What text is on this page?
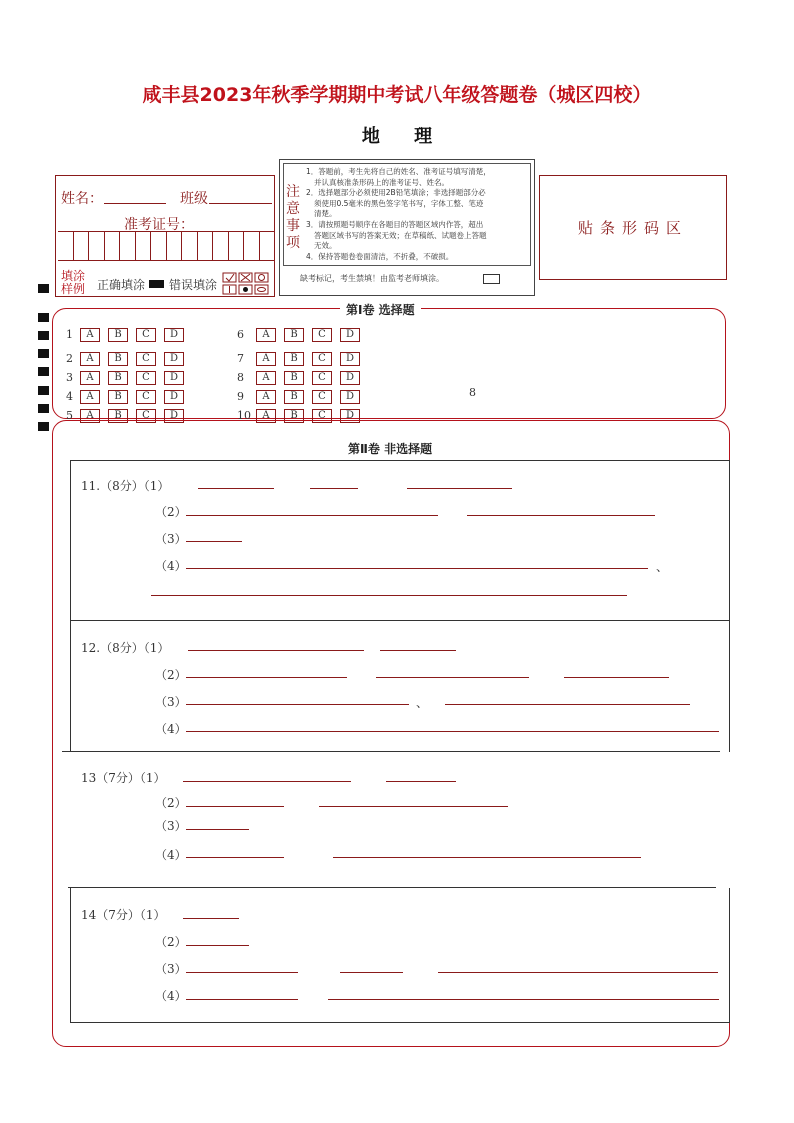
咸丰县2023年秋季学期期中考试八年级答题卷（城区四校）
地 理
姓名：	班级
准考证号：
填涂
样例 正确填涂 错误填涂
注
意
事
项
1．答题前，考生先将自己的姓名、准考证号填写清楚，
并认真核准条形码上的准考证号、姓名。
2．选择题部分必须使用2B铅笔填涂；非选择题部分必
须使用0.5毫米的黑色签字笔书写，字体工整、笔迹
清楚。
3．请按照题号顺序在各题目的答题区域内作答，超出
答题区域书写的答案无效；在草稿纸、试题卷上答题
无效。
4．保持答题卷卷面清洁，不折叠，不破损。
缺考标记，考生禁填！由监考老师填涂。
贴条形码区
第Ⅰ卷 选择题
1	A	B	C	D
2	A	B	C	D
3	A	B	C	D
4	A	B	C	D
5	A	B	C	D
6	A	B	C	D
7	A	B	C	D
8	A	B	C	D
9	A	B	C	D
10	A	B	C	D
8
第Ⅱ卷 非选择题
11.（8分）（1）
（2）
（3）
（4）	、
12.（8分）（1）
（2）
（3）	、
（4）
13（7分）（1）
（2）
（3）
（4）
14（7分）（1）
（2）
（3）
（4）
